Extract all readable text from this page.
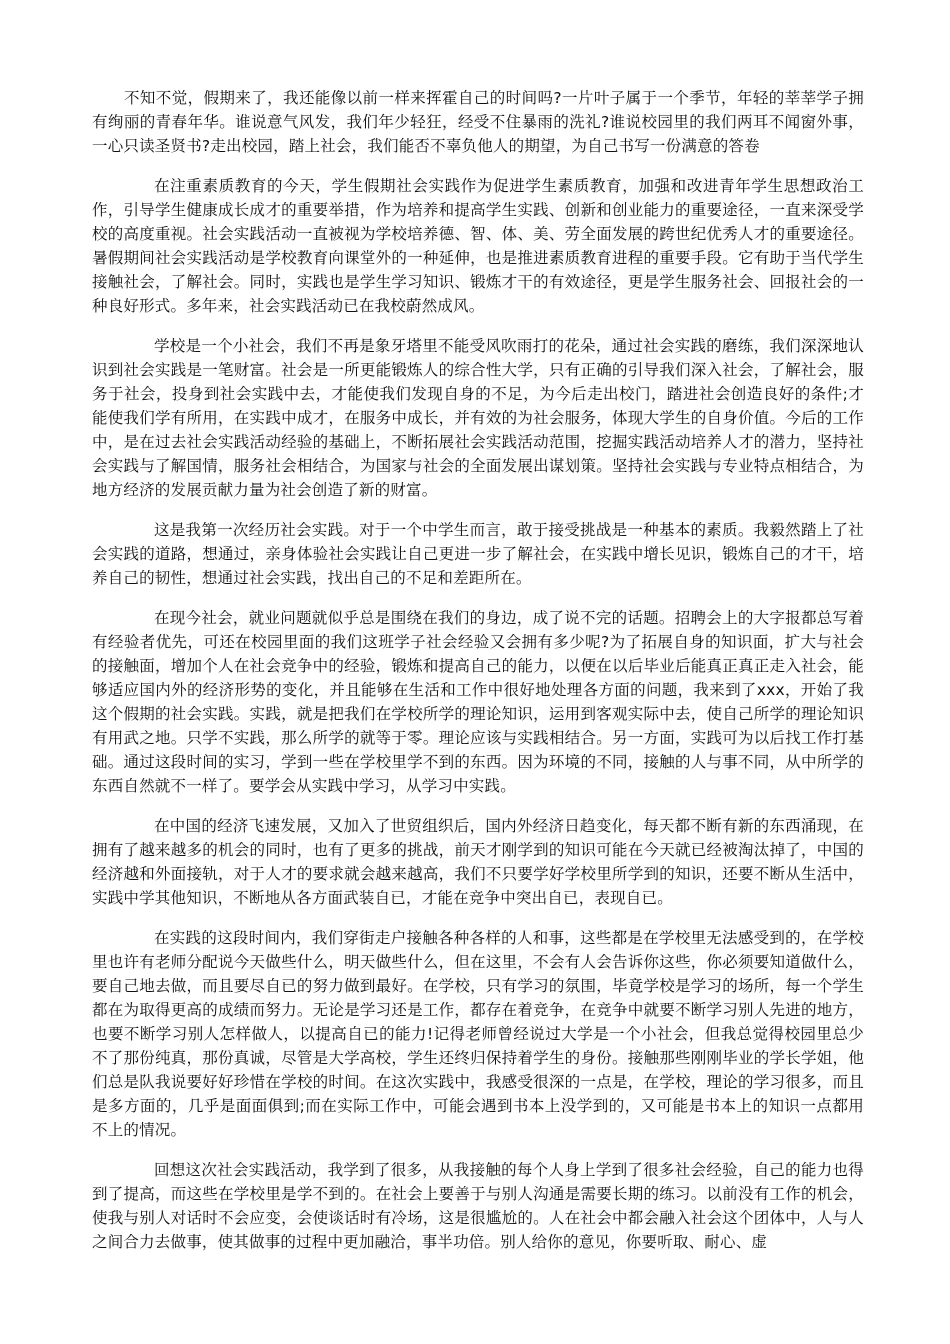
不知不觉，假期来了，我还能像以前一样来挥霍自己的时间吗?一片叶子属于一个季节，年轻的莘莘学子拥有绚丽的青春年华。谁说意气风发，我们年少轻狂，经受不住暴雨的洗礼?谁说校园里的我们两耳不闻窗外事，一心只读圣贤书?走出校园，踏上社会，我们能否不辜负他人的期望，为自己书写一份满意的答卷

在注重素质教育的今天，学生假期社会实践作为促进学生素质教育，加强和改进青年学生思想政治工作，引导学生健康成长成才的重要举措，作为培养和提高学生实践、创新和创业能力的重要途径，一直来深受学校的高度重视。社会实践活动一直被视为学校培养德、智、体、美、劳全面发展的跨世纪优秀人才的重要途径。暑假期间社会实践活动是学校教育向课堂外的一种延伸，也是推进素质教育进程的重要手段。它有助于当代学生接触社会，了解社会。同时，实践也是学生学习知识、锻炼才干的有效途径，更是学生服务社会、回报社会的一种良好形式。多年来，社会实践活动已在我校蔚然成风。

学校是一个小社会，我们不再是象牙塔里不能受风吹雨打的花朵，通过社会实践的磨练，我们深深地认识到社会实践是一笔财富。社会是一所更能锻炼人的综合性大学，只有正确的引导我们深入社会，了解社会，服务于社会，投身到社会实践中去，才能使我们发现自身的不足，为今后走出校门，踏进社会创造良好的条件;才能使我们学有所用，在实践中成才，在服务中成长，并有效的为社会服务，体现大学生的自身价值。今后的工作中，是在过去社会实践活动经验的基础上，不断拓展社会实践活动范围，挖掘实践活动培养人才的潜力，坚持社会实践与了解国情，服务社会相结合，为国家与社会的全面发展出谋划策。坚持社会实践与专业特点相结合，为地方经济的发展贡献力量为社会创造了新的财富。

这是我第一次经历社会实践。对于一个中学生而言，敢于接受挑战是一种基本的素质。我毅然踏上了社会实践的道路，想通过，亲身体验社会实践让自己更进一步了解社会，在实践中增长见识，锻炼自己的才干，培养自己的韧性，想通过社会实践，找出自己的不足和差距所在。

在现今社会，就业问题就似乎总是围绕在我们的身边，成了说不完的话题。招聘会上的大字报都总写着有经验者优先，可还在校园里面的我们这班学子社会经验又会拥有多少呢?为了拓展自身的知识面，扩大与社会的接触面，增加个人在社会竞争中的经验，锻炼和提高自己的能力，以便在以后毕业后能真正真正走入社会，能够适应国内外的经济形势的变化，并且能够在生活和工作中很好地处理各方面的问题，我来到了xxx，开始了我这个假期的社会实践。实践，就是把我们在学校所学的理论知识，运用到客观实际中去，使自己所学的理论知识有用武之地。只学不实践，那么所学的就等于零。理论应该与实践相结合。另一方面，实践可为以后找工作打基础。通过这段时间的实习，学到一些在学校里学不到的东西。因为环境的不同，接触的人与事不同，从中所学的东西自然就不一样了。要学会从实践中学习，从学习中实践。

在中国的经济飞速发展，又加入了世贸组织后，国内外经济日趋变化，每天都不断有新的东西涌现，在拥有了越来越多的机会的同时，也有了更多的挑战，前天才刚学到的知识可能在今天就已经被淘汰掉了，中国的经济越和外面接轨，对于人才的要求就会越来越高，我们不只要学好学校里所学到的知识，还要不断从生活中，实践中学其他知识，不断地从各方面武装自已，才能在竞争中突出自已，表现自已。

在实践的这段时间内，我们穿街走户接触各种各样的人和事，这些都是在学校里无法感受到的，在学校里也许有老师分配说今天做些什么，明天做些什么，但在这里，不会有人会告诉你这些，你必须要知道做什么，要自己地去做，而且要尽自已的努力做到最好。在学校，只有学习的氛围，毕竟学校是学习的场所，每一个学生都在为取得更高的成绩而努力。无论是学习还是工作，都存在着竞争，在竞争中就要不断学习别人先进的地方，也要不断学习别人怎样做人，以提高自已的能力!记得老师曾经说过大学是一个小社会，但我总觉得校园里总少不了那份纯真，那份真诚，尽管是大学高校，学生还终归保持着学生的身份。接触那些刚刚毕业的学长学姐，他们总是队我说要好好珍惜在学校的时间。在这次实践中，我感受很深的一点是，在学校，理论的学习很多，而且是多方面的，几乎是面面俱到;而在实际工作中，可能会遇到书本上没学到的，又可能是书本上的知识一点都用不上的情况。

回想这次社会实践活动，我学到了很多，从我接触的每个人身上学到了很多社会经验，自己的能力也得到了提高，而这些在学校里是学不到的。在社会上要善于与别人沟通是需要长期的练习。以前没有工作的机会，使我与别人对话时不会应变，会使谈话时有冷场，这是很尴尬的。人在社会中都会融入社会这个团体中，人与人之间合力去做事，使其做事的过程中更加融洽，事半功倍。别人给你的意见，你要听取、耐心、虚
